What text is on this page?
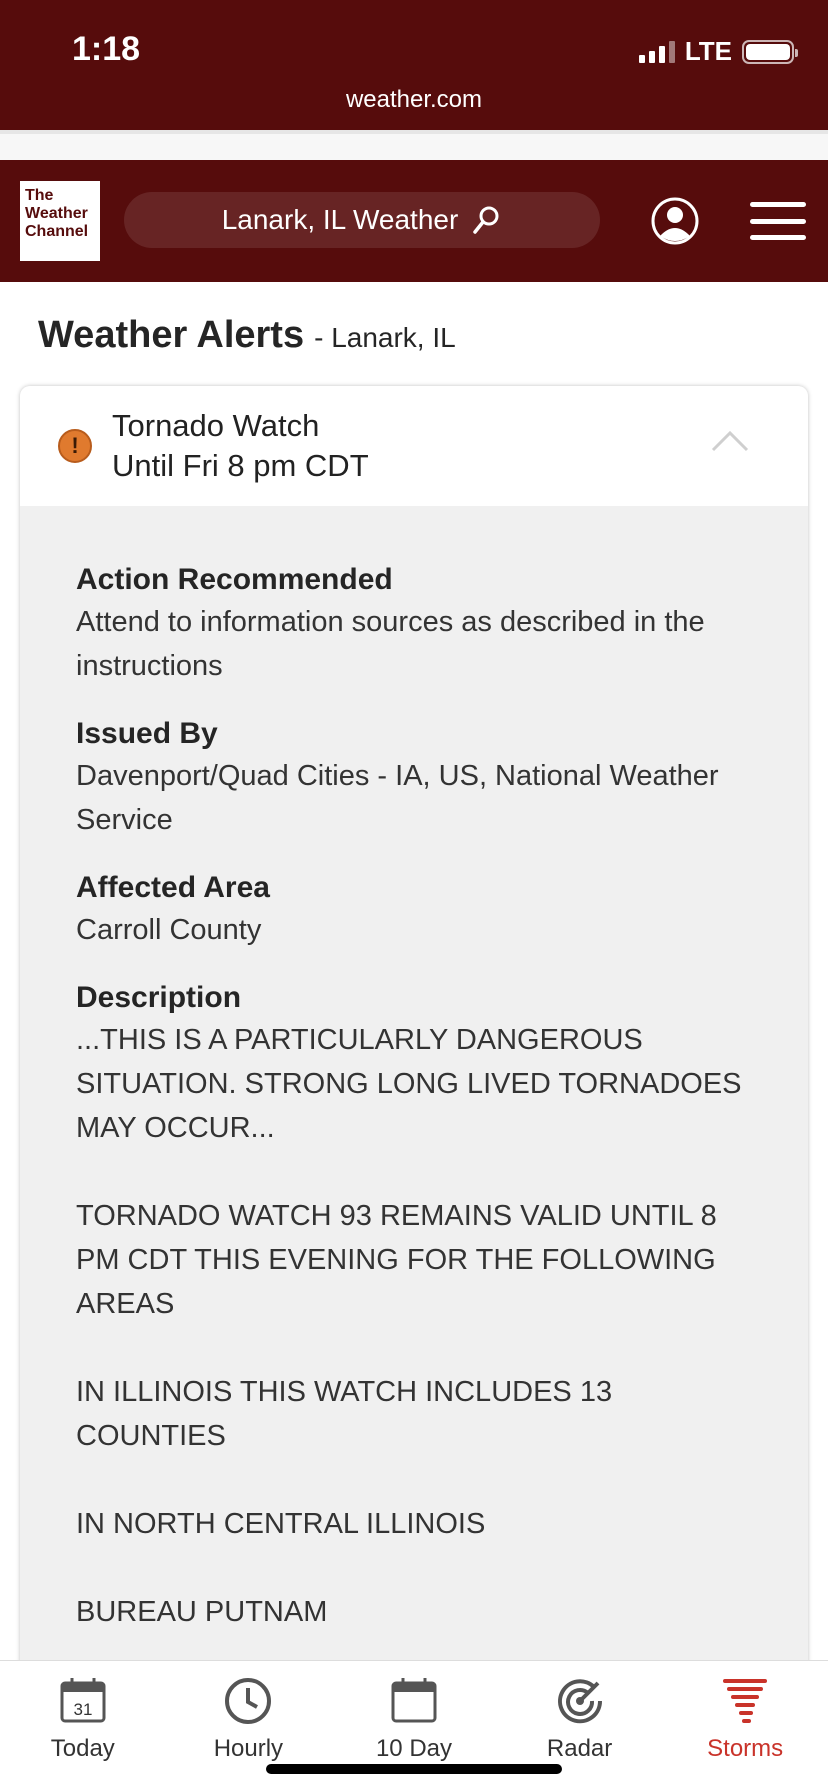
1:18	LTE
weather.com
The
Weather
Channel	Lanark, IL Weather
Weather Alerts - Lanark, IL
!
Tornado Watch
Until Fri 8 pm CDT
Action Recommended

Attend to information sources as described in the instructions

Issued By

Davenport/Quad Cities - IA, US, National Weather Service

Affected Area

Carroll County

Description

...THIS IS A PARTICULARLY DANGEROUS SITUATION. STRONG LONG LIVED TORNADOES MAY OCCUR...

TORNADO WATCH 93 REMAINS VALID UNTIL 8 PM CDT THIS EVENING FOR THE FOLLOWING AREAS

IN ILLINOIS THIS WATCH INCLUDES 13 COUNTIES

IN NORTH CENTRAL ILLINOIS

BUREAU PUTNAM

31
Today	Hourly	10 Day	Radar	Storms
